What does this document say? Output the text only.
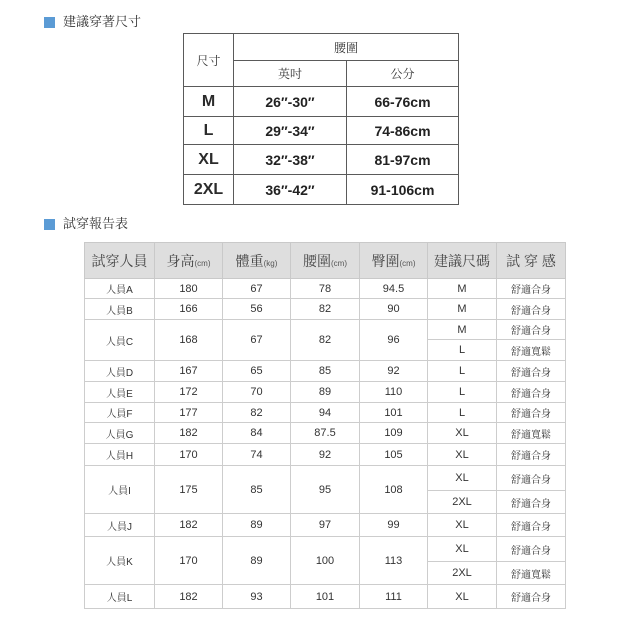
建議穿著尺寸
尺寸	腰圍	
	英吋	公分
M	26″-30″	66-76cm
L	29″-34″	74-86cm
XL	32″-38″	81-97cm
2XL	36″-42″	91-106cm
試穿報告表
試穿人員	身高(cm)	體重(kg)	腰圍(cm)	臀圍(cm)	建議尺碼	試 穿 感
人員A	180	67	78	94.5	M	舒適合身
人員B	166	56	82	90	M	舒適合身
人員C	168	67	82	96	M	舒適合身
					L	舒適寬鬆
人員D	167	65	85	92	L	舒適合身
人員E	172	70	89	110	L	舒適合身
人員F	177	82	94	101	L	舒適合身
人員G	182	84	87.5	109	XL	舒適寬鬆
人員H	170	74	92	105	XL	舒適合身
人員I	175	85	95	108	XL	舒適合身
					2XL	舒適合身
人員J	182	89	97	99	XL	舒適合身
人員K	170	89	100	113	XL	舒適合身
					2XL	舒適寬鬆
人員L	182	93	101	111	XL	舒適合身
